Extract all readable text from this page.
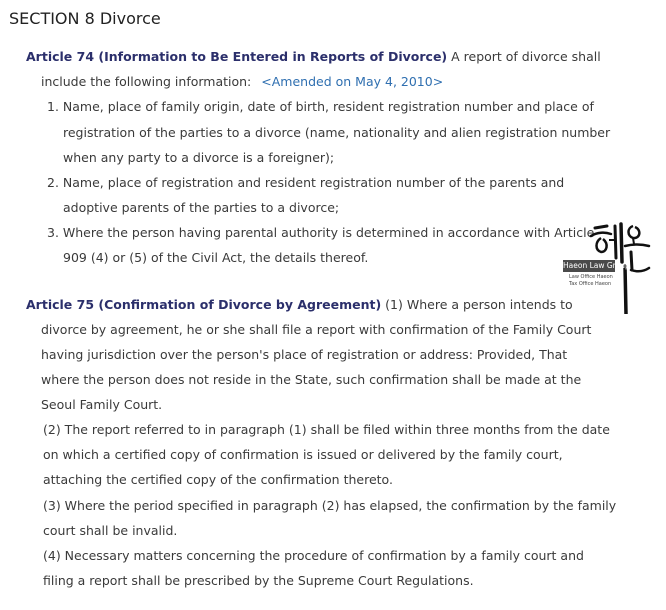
SECTION 8 Divorce
Article 74 (Information to Be Entered in Reports of Divorce) A report of divorce shall
include the following information: <Amended on May 4, 2010>
1. Name, place of family origin, date of birth, resident registration number and place of
registration of the parties to a divorce (name, nationality and alien registration number
when any party to a divorce is a foreigner);
2. Name, place of registration and resident registration number of the parents and
adoptive parents of the parties to a divorce;
3. Where the person having parental authority is determined in accordance with Article
909 (4) or (5) of the Civil Act, the details thereof.
Article 75 (Confirmation of Divorce by Agreement) (1) Where a person intends to
divorce by agreement, he or she shall file a report with confirmation of the Family Court
having jurisdiction over the person's place of registration or address: Provided, That
where the person does not reside in the State, such confirmation shall be made at the
Seoul Family Court.
(2) The report referred to in paragraph (1) shall be filed within three months from the date
on which a certified copy of confirmation is issued or delivered by the family court,
attaching the certified copy of the confirmation thereto.
(3) Where the period specified in paragraph (2) has elapsed, the confirmation by the family
court shall be invalid.
(4) Necessary matters concerning the procedure of confirmation by a family court and
filing a report shall be prescribed by the Supreme Court Regulations.
Haeon Law Group
Law Office Haeon
Tax Office Haeon
